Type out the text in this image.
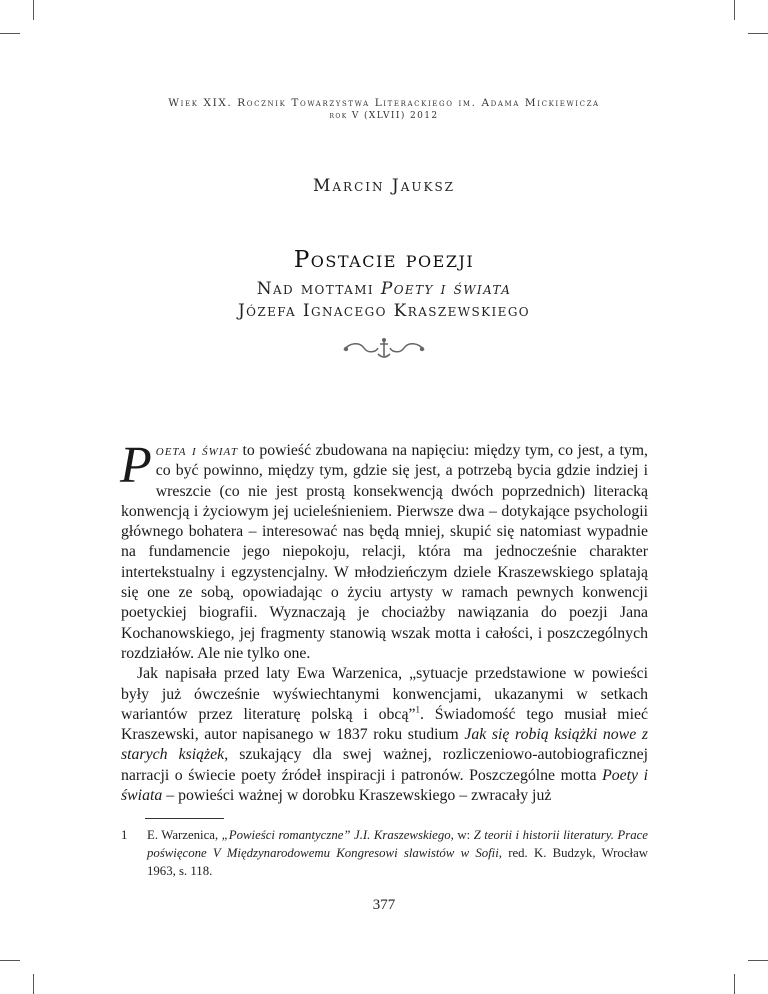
Wiek XIX. Rocznik Towarzystwa Literackiego im. Adama Mickiewicza
rok V (XLVII) 2012
Marcin Jauksz
Postacie poezji
Nad mottami Poety i świata
Józefa Ignacego Kraszewskiego

Poeta i świat to powieść zbudowana na napięciu: między tym, co jest, a tym, co być powinno, między tym, gdzie się jest, a potrzebą bycia gdzie indziej i wreszcie (co nie jest prostą konsekwencją dwóch poprzednich) literacką konwencją i życiowym jej ucieleśnieniem. Pierwsze dwa – dotykające psychologii głównego bohatera – interesować nas będą mniej, skupić się natomiast wypadnie na fundamencie jego niepokoju, relacji, która ma jednocześnie charakter intertekstualny i egzystencjalny. W młodzieńczym dziele Kraszewskiego splatają się one ze sobą, opowiadając o życiu artysty w ramach pewnych konwencji poetyckiej biografii. Wyznaczają je chociażby nawiązania do poezji Jana Kochanowskiego, jej fragmenty stanowią wszak motta i całości, i poszczególnych rozdziałów. Ale nie tylko one.

Jak napisała przed laty Ewa Warzenica, „sytuacje przedstawione w powieści były już ówcześnie wyświechtanymi konwencjami, ukazanymi w setkach wariantów przez literaturę polską i obcą”$^1$. Świadomość tego musiał mieć Kraszewski, autor napisanego w 1837 roku studium Jak się robią książki nowe z starych książek, szukający dla swej ważnej, rozliczeniowo-autobiograficznej narracji o świecie poety źródeł inspiracji i patronów. Poszczególne motta Poety i świata – powieści ważnej w dorobku Kraszewskiego – zwracały już

1 E. Warzenica, „Powieści romantyczne” J.I. Kraszewskiego, w: Z teorii i historii literatury. Prace poświęcone V Międzynarodowemu Kongresowi slawistów w Sofii, red. K. Budzyk, Wrocław 1963, s. 118.
377
